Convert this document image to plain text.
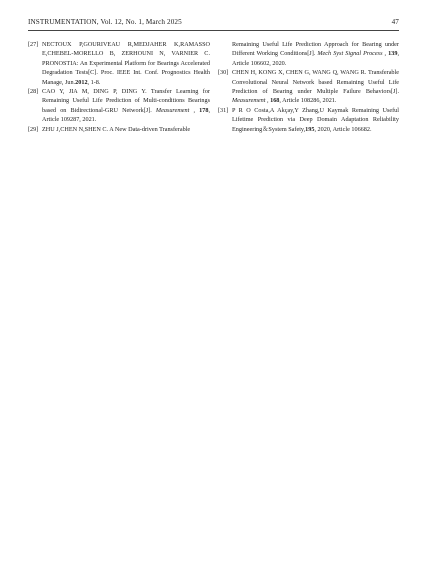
INSTRUMENTATION, Vol. 12, No. 1, March 2025	47
[27] NECTOUX P,GOURIVEAU R,MEDJAHER K,RAMASSO E,CHEBEL-MORELLO B, ZERHOUNI N, VARNIER C. PRONOSTIA: An Experimental Platform for Bearings Accelerated Degradation Tests[C]. Proc. IEEE Int. Conf. Prognostics Health Manage, Jun.2012, 1-8.
[28] CAO Y, JIA M, DING P, DING Y. Transfer Learning for Remaining Useful Life Prediction of Multi-conditions Bearings based on Bidirectional-GRU Network[J]. Measurement , 178, Article 109287, 2021.
[29] ZHU J,CHEN N,SHEN C. A New Data-driven Transferable
Remaining Useful Life Prediction Approach for Bearing under Different Working Conditions[J]. Mech Syst Signal Process , 139, Article 106602, 2020.
[30] CHEN H, KONG X, CHEN G, WANG Q, WANG R. Transferable Convolutional Neural Network based Remaining Useful Life Prediction of Bearing under Multiple Failure Behaviors[J]. Measurement , 168, Article 108286, 2021.
[31] P R O Costa,A Akçay,Y Zhang,U Kaymak Remaining Useful Lifetime Prediction via Deep Domain Adaptation Reliability Engineering＆System Safety,195, 2020, Article 106682.
